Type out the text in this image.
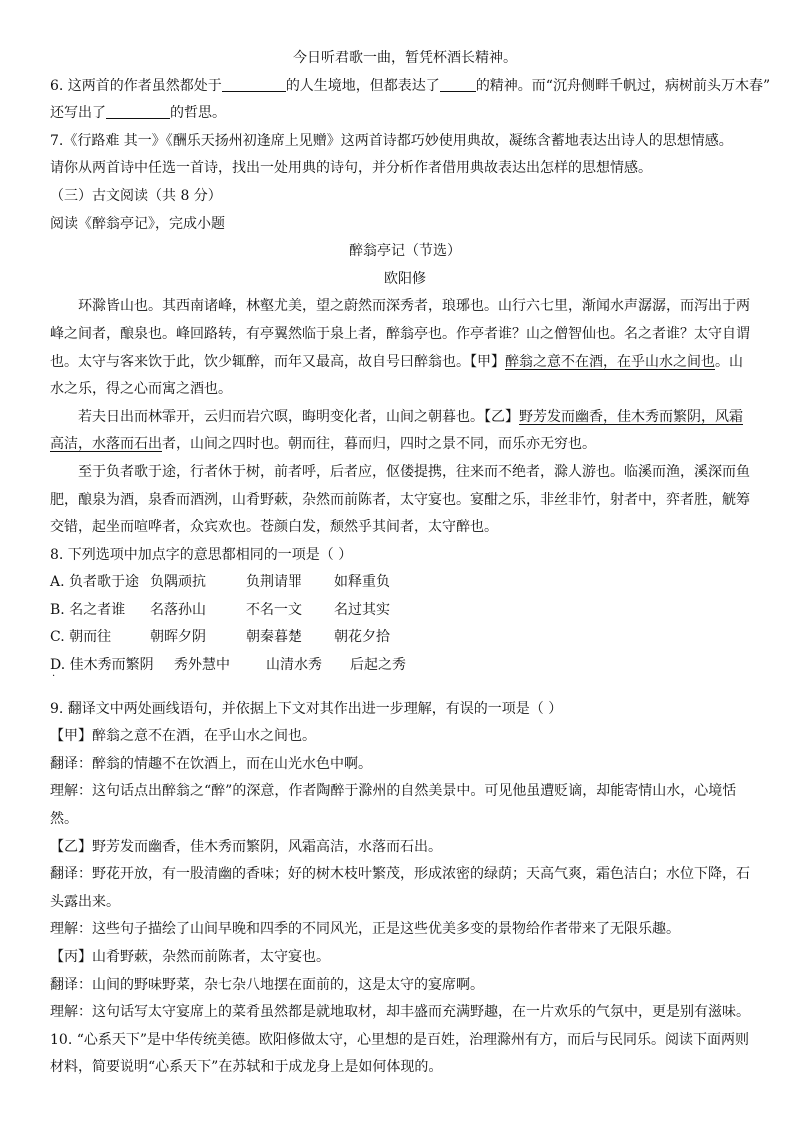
今日听君歌一曲，暂凭杯酒长精神。

6. 这两首的作者虽然都处于	的人生境地，但都表达了	的精神。而“沉舟侧畔千帆过，病树前头万木春”

还写出了	的哲思。

7.《行路难 其一》《酬乐天扬州初逢席上见赠》这两首诗都巧妙使用典故，凝练含蓄地表达出诗人的思想情感。

请你从两首诗中任选一首诗，找出一处用典的诗句，并分析作者借用典故表达出怎样的思想情感。

（三）古文阅读（共 8 分）

阅读《醉翁亭记》，完成小题

醉翁亭记（节选）

欧阳修

环滁皆山也。其西南诸峰，林壑尤美，望之蔚然而深秀者，琅琊也。山行六七里，渐闻水声潺潺，而泻出于两

峰之间者，酿泉也。峰回路转，有亭翼然临于泉上者，醉翁亭也。作亭者谁？山之僧智仙也。名之者谁？太守自谓

也。太守与客来饮于此，饮少辄醉，而年又最高，故自号曰醉翁也。【甲】醉翁之意不在酒，在乎山水之间也。山

水之乐，得之心而寓之酒也。

若夫日出而林霏开，云归而岩穴暝，晦明变化者，山间之朝暮也。【乙】野芳发而幽香，佳木秀而繁阴，风霜

高洁，水落而石出者，山间之四时也。朝而往，暮而归，四时之景不同，而乐亦无穷也。

至于负者歌于途，行者休于树，前者呼，后者应，伛偻提携，往来而不绝者，滁人游也。临溪而渔，溪深而鱼

肥，酿泉为酒，泉香而酒洌，山肴野蔌，杂然而前陈者，太守宴也。宴酣之乐，非丝非竹，射者中，弈者胜，觥筹

交错，起坐而喧哗者，众宾欢也。苍颜白发，颓然乎其间者，太守醉也。

8. 下列选项中加点字的意思都相同的一项是（ ）

A. 负者歌于途 负隅顽抗	负荆请罪 如释重负

B. 名之者谁 名落孙山	不名一文 名过其实

C. 朝而往	朝晖夕阴	朝秦暮楚 朝花夕拾

D. 佳木秀而繁阴 秀外慧中	山清水秀 后起之秀

·

9. 翻译文中两处画线语句，并依据上下文对其作出进一步理解，有误的一项是（ ）

【甲】醉翁之意不在酒，在乎山水之间也。

翻译：醉翁的情趣不在饮酒上，而在山光水色中啊。

理解：这句话点出醉翁之“醉”的深意，作者陶醉于滁州的自然美景中。可见他虽遭贬谪，却能寄情山水，心境恬

然。

【乙】野芳发而幽香，佳木秀而繁阴，风霜高洁，水落而石出。

翻译：野花开放，有一股清幽的香味；好的树木枝叶繁茂，形成浓密的绿荫；天高气爽，霜色洁白；水位下降，石

头露出来。

理解：这些句子描绘了山间早晚和四季的不同风光，正是这些优美多变的景物给作者带来了无限乐趣。

【丙】山肴野蔌，杂然而前陈者，太守宴也。

翻译：山间的野味野菜，杂七杂八地摆在面前的，这是太守的宴席啊。

理解：这句话写太守宴席上的菜肴虽然都是就地取材，却丰盛而充满野趣，在一片欢乐的气氛中，更是别有滋味。

10. “心系天下”是中华传统美德。欧阳修做太守，心里想的是百姓，治理滁州有方，而后与民同乐。阅读下面两则

材料，简要说明“心系天下”在苏轼和于成龙身上是如何体现的。
